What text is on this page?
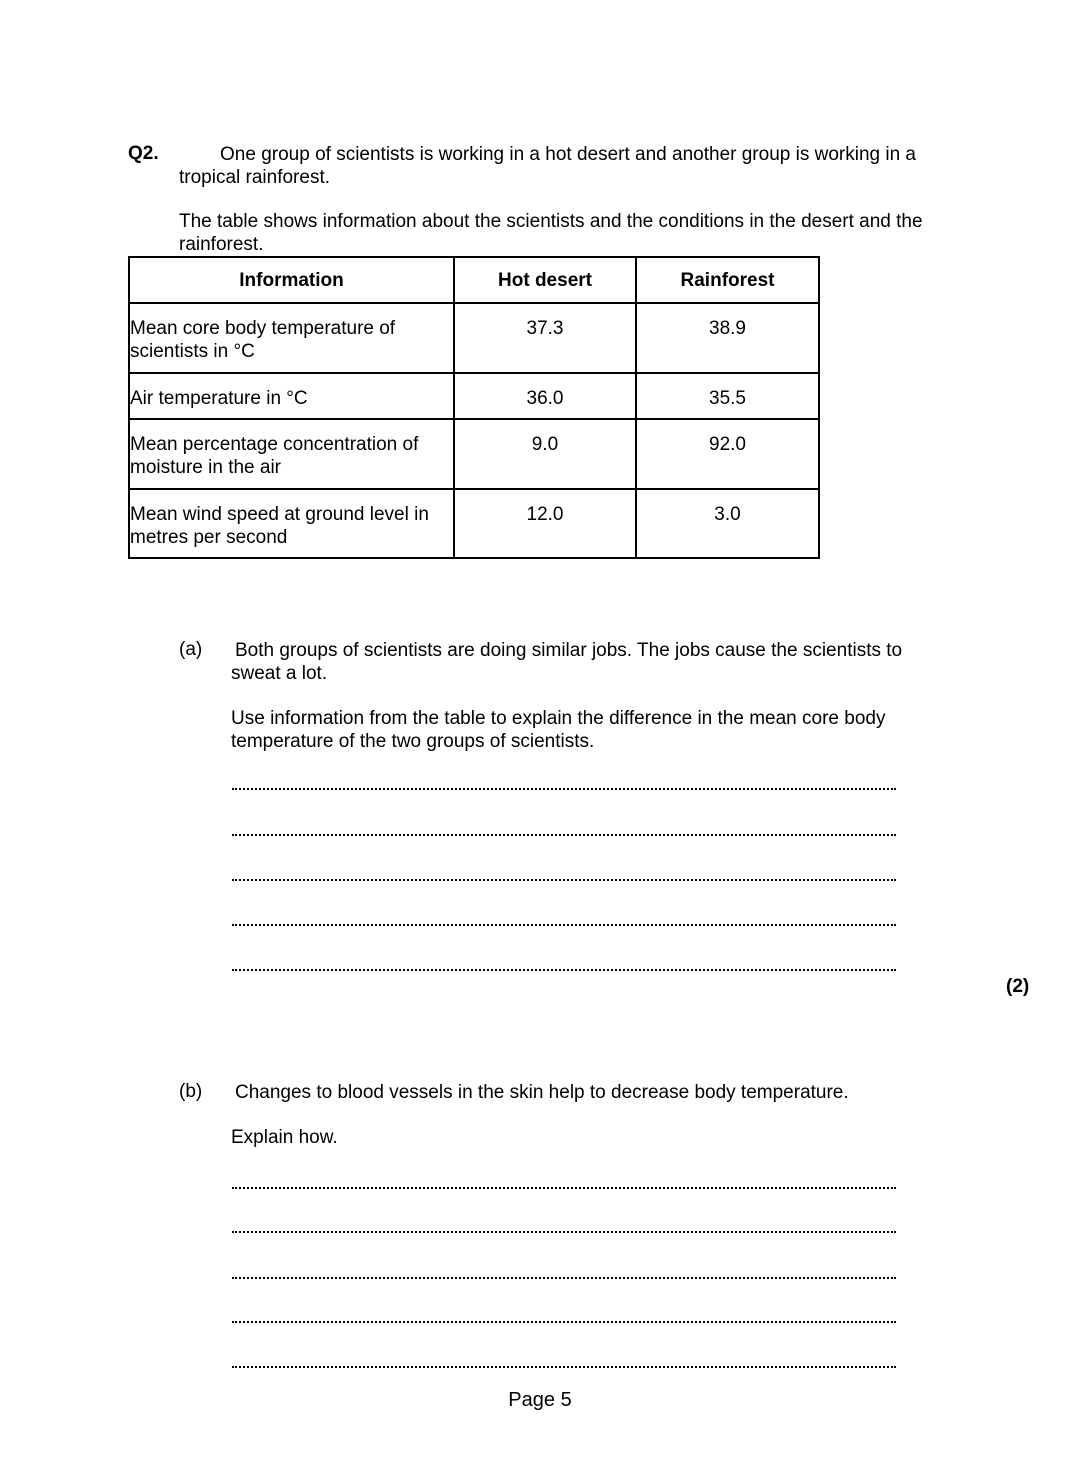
Q2.	One group of scientists is working in a hot desert and another group is working in a tropical rainforest.
The table shows information about the scientists and the conditions in the desert and the rainforest.
Information	Hot desert	Rainforest
Mean core body temperature of scientists in °C	37.3	38.9
Air temperature in °C	36.0	35.5
Mean percentage concentration of moisture in the air	9.0	92.0
Mean wind speed at ground level in metres per second	12.0	3.0
(a) Both groups of scientists are doing similar jobs. The jobs cause the scientists to sweat a lot.
Use information from the table to explain the difference in the mean core body temperature of the two groups of scientists.
(2)
(b) Changes to blood vessels in the skin help to decrease body temperature.
Explain how.
Page 5
